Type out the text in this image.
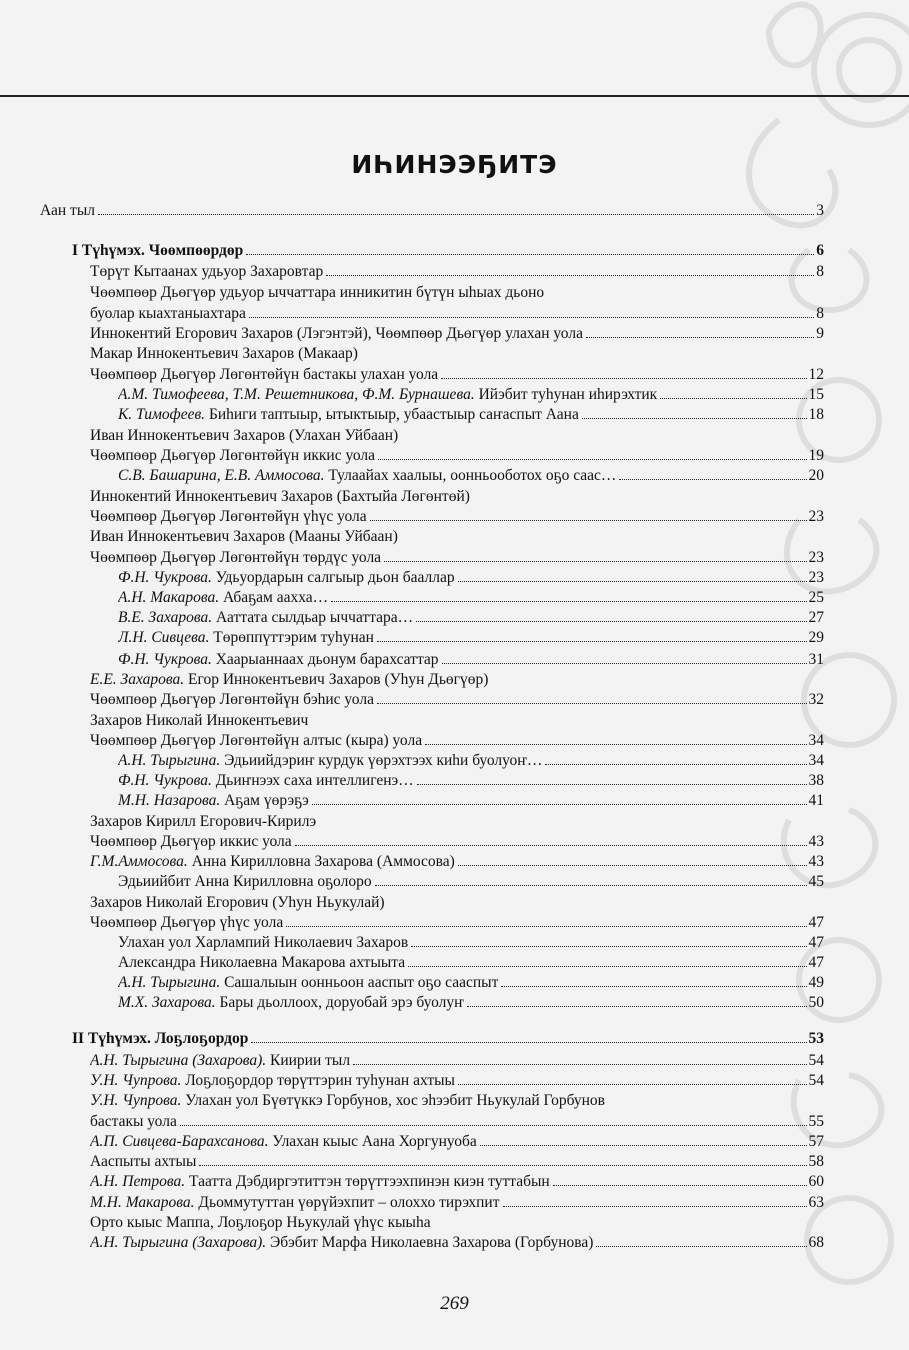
ИҺИНЭЭҔИТЭ
Аан тыл	3
I Түһүмэх. Чөөмпөөрдөр	6
Төрүт Кытаанах удьуор Захаровтар	8
Чөөмпөөр Дьөгүөр удьуор ыччаттара инникитин бүтүн ыһыах дьоно
буолар кыахтаныахтара	8
Иннокентий Егорович Захаров (Лэгэнтэй), Чөөмпөөр Дьөгүөр улахан уола	9
Макар Иннокентьевич Захаров (Макаар)
Чөөмпөөр Дьөгүөр Лөгөнтөйүн бастакы улахан уола	12
А.М. Тимофеева, Т.М. Решетникова, Ф.М. Бурнашева. Ийэбит туһунан иһирэхтик	15
К. Тимофеев. Биһиги таптыыр, ытыктыыр, убаастыыр саҥаспыт Аана	18
Иван Иннокентьевич Захаров (Улахан Уйбаан)
Чөөмпөөр Дьөгүөр Лөгөнтөйүн иккис уола	19
С.В. Башарина, Е.В. Аммосова. Тулаайах хаалыы, оонньооботох оҕо саас…	20
Иннокентий Иннокентьевич Захаров (Бахтыйа Лөгөнтөй)
Чөөмпөөр Дьөгүөр Лөгөнтөйүн үһүс уола	23
Иван Иннокентьевич Захаров (Мааны Уйбаан)
Чөөмпөөр Дьөгүөр Лөгөнтөйүн төрдүс уола	23
Ф.Н. Чукрова. Удьуордарын салгыыр дьон бааллар	23
А.Н. Макарова. Абаҕам аахха…	25
В.Е. Захарова. Ааттата сылдьар ыччаттара…	27
Л.Н. Сивцева. Төрөппүттэрим туһунан	29
Ф.Н. Чукрова. Хаарыаннаах дьонум барахсаттар	31
Е.Е. Захарова. Егор Иннокентьевич Захаров (Уһун Дьөгүөр)
Чөөмпөөр Дьөгүөр Лөгөнтөйүн бэһис уола	32
Захаров Николай Иннокентьевич
Чөөмпөөр Дьөгүөр Лөгөнтөйүн алтыс (кыра) уола	34
А.Н. Тырыгина. Эдьиийдэриҥ курдук үөрэхтээх киһи буолуоҥ…	34
Ф.Н. Чукрова. Дьиҥнээх саха интеллигенэ…	38
М.Н. Назарова. Аҕам үөрэҕэ	41
Захаров Кирилл Егорович-Кирилэ
Чөөмпөөр Дьөгүөр иккис уола	43
Г.М.Аммосова. Анна Кирилловна Захарова (Аммосова)	43
Эдьиийбит Анна Кирилловна оҕолоро	45
Захаров Николай Егорович (Уһун Ньукулай)
Чөөмпөөр Дьөгүөр үһүс уола	47
Улахан уол Харлампий Николаевич Захаров	47
Александра Николаевна Макарова ахтыыта	47
А.Н. Тырыгина. Сашалыын оонньоон ааспыт оҕо сааспыт	49
М.Х. Захарова. Бары дьоллоох, доруобай эрэ буолуҥ	50
II Түһүмэх. Лоҕлоҕордор	53
А.Н. Тырыгина (Захарова). Киирии тыл	54
У.Н. Чупрова. Лоҕлоҕордор төрүттэрин туһунан ахтыы	54
У.Н. Чупрова. Улахан уол Бүөтүккэ Горбунов, хос эһээбит Ньукулай Горбунов
бастакы уола	55
А.П. Сивцева-Барахсанова. Улахан кыыс Аана Хоргунуоба	57
Ааспыты ахтыы	58
А.Н. Петрова. Таатта Дэбдиргэтиттэн төрүттээхпинэн киэн туттабын	60
М.Н. Макарова. Дьоммутуттан үөрүйэхпит – олоххо тирэхпит	63
Орто кыыс Маппа, Лоҕлоҕор Ньукулай үһүс кыыһа
А.Н. Тырыгина (Захарова). Эбэбит Марфа Николаевна Захарова (Горбунова)	68
269
